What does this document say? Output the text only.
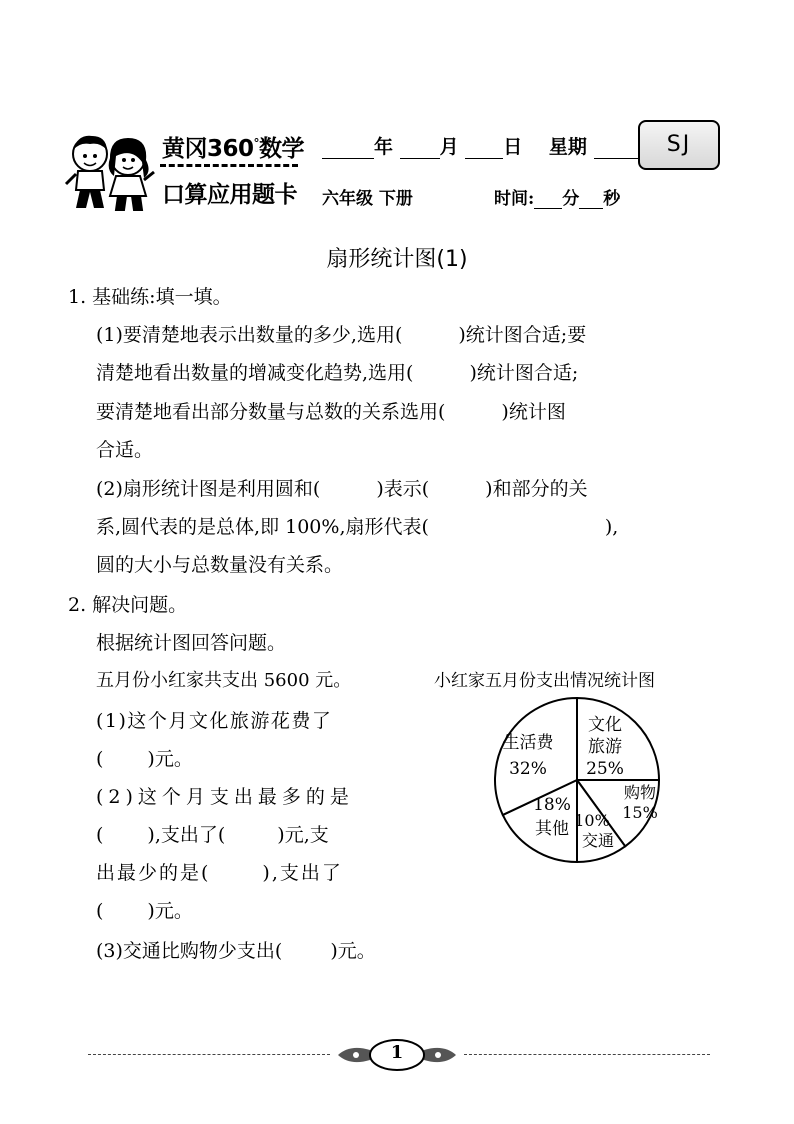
黄冈360°数学
口算应用题卡
年 月 日 星期	SJ
六年级 下册	时间: 分 秒
扇形统计图(1)
1. 基础练:填一填。
(1)要清楚地表示出数量的多少,选用(	)统计图合适;要
清楚地看出数量的增减变化趋势,选用(	)统计图合适;
要清楚地看出部分数量与总数的关系选用(	)统计图
合适。
(2)扇形统计图是利用圆和(	)表示(	)和部分的关
系,圆代表的是总体,即 100%,扇形代表(	),
圆的大小与总数量没有关系。
2. 解决问题。
根据统计图回答问题。
五月份小红家共支出 5600 元。	小红家五月份支出情况统计图
(1)这个月文化旅游花费了
( )元。
(2)这个月支出最多的是
( ),支出了(	)元,支
出最少的是(	),支出了
( )元。
(3)交通比购物少支出(	)元。
文化
旅游
25%
购物
15%
交通
10%
其他
18%
生活费
32%
1
